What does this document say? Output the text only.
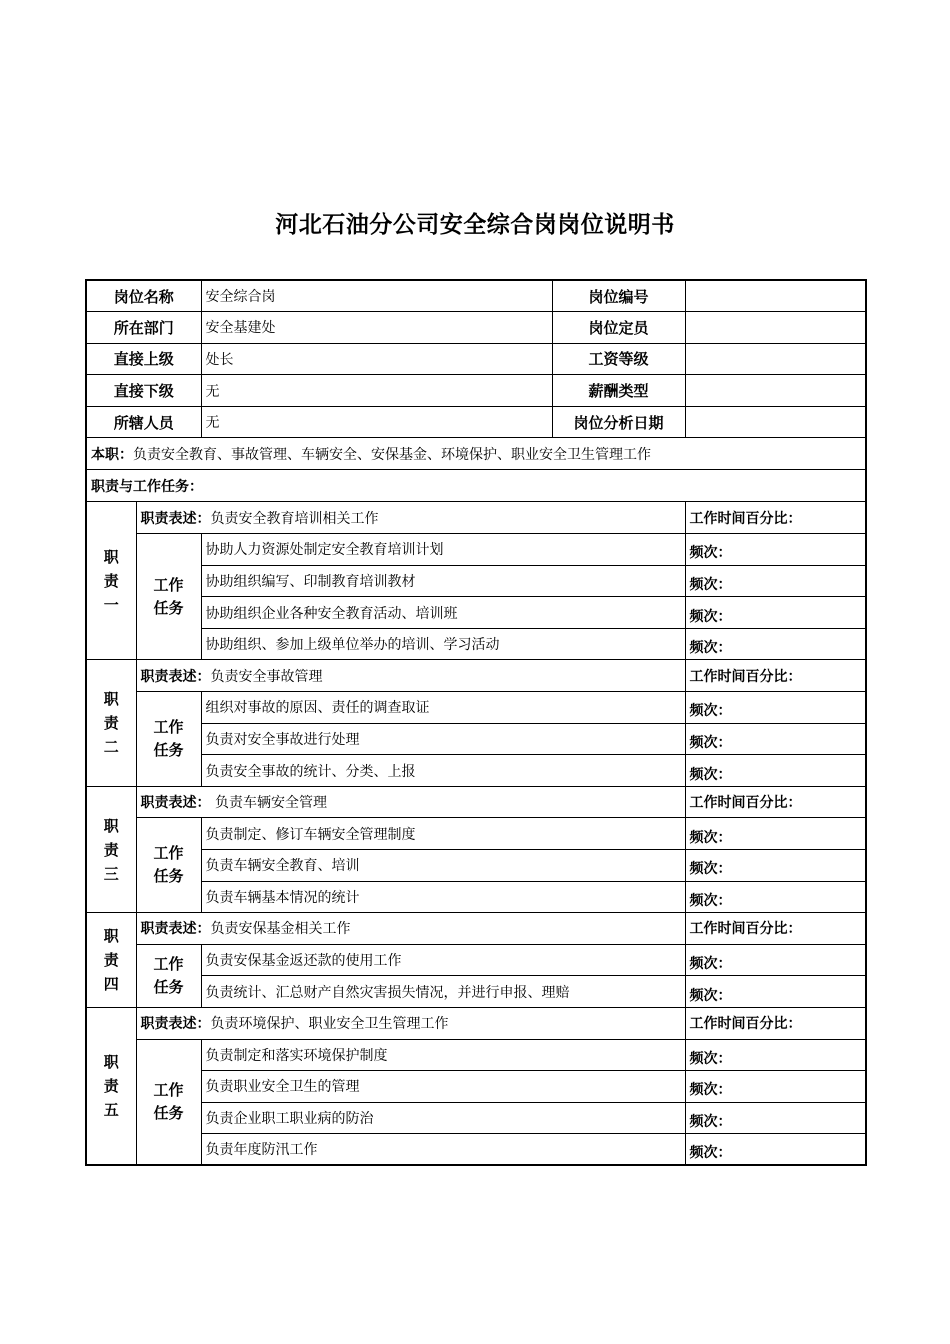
河北石油分公司安全综合岗岗位说明书
岗位名称		安全综合岗	岗位编号	
所在部门		安全基建处	岗位定员	
直接上级		处长	工资等级	
直接下级		无	薪酬类型	
所辖人员		无	岗位分析日期	
本职：负责安全教育、事故管理、车辆安全、安保基金、环境保护、职业安全卫生管理工作				
职责与工作任务：				
职责一	职责表述：负责安全教育培训相关工作			工作时间百分比：
	工作任务	协助人力资源处制定安全教育培训计划		频次：
		协助组织编写、印制教育培训教材		频次：
		协助组织企业各种安全教育活动、培训班		频次：
		协助组织、参加上级单位举办的培训、学习活动		频次：
职责二	职责表述：负责安全事故管理			工作时间百分比：
	工作任务	组织对事故的原因、责任的调查取证		频次：
		负责对安全事故进行处理		频次：
		负责安全事故的统计、分类、上报		频次：
职责三	职责表述： 负责车辆安全管理			工作时间百分比：
	工作任务	负责制定、修订车辆安全管理制度		频次：
		负责车辆安全教育、培训		频次：
		负责车辆基本情况的统计		频次：
职责四	职责表述：负责安保基金相关工作			工作时间百分比：
	工作任务	负责安保基金返还款的使用工作		频次：
		负责统计、汇总财产自然灾害损失情况，并进行申报、理赔		频次：
职责五	职责表述：负责环境保护、职业安全卫生管理工作			工作时间百分比：
	工作任务	负责制定和落实环境保护制度		频次：
		负责职业安全卫生的管理		频次：
		负责企业职工职业病的防治		频次：
		负责年度防汛工作		频次：
